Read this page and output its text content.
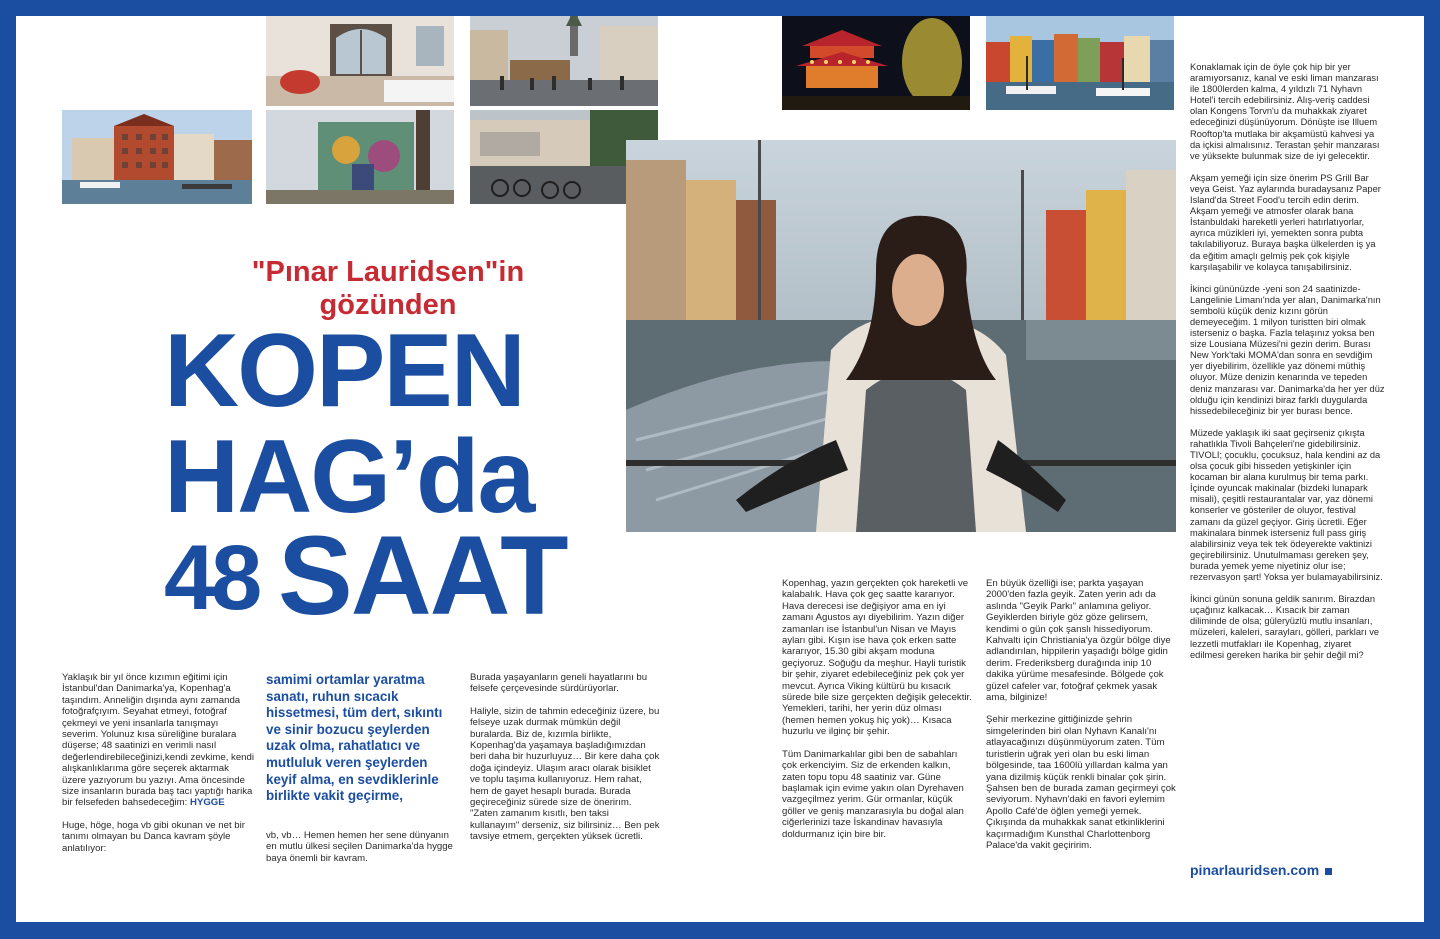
"Pınar Lauridsen"in
gözünden
KOPEN
HAG’da
48 SAAT

Yaklaşık bir yıl önce kızımın eğitimi için İstanbul'dan Danimarka'ya, Kopenhag'a taşındım. Anneliğin dışında aynı zamanda fotoğrafçıyım. Seyahat etmeyi, fotoğraf çekmeyi ve yeni insanlarla tanışmayı severim. Yolunuz kısa süreliğine buralara düşerse; 48 saatinizi en verimli nasıl değerlendirebileceğinizi,kendi zevkime, kendi alışkanlıklarıma göre seçerek aktarmak üzere yazıyorum bu yazıyı. Ama öncesinde size insanların burada baş tacı yaptığı harika bir felsefeden bahsedeceğim: HYGGE

Huge, höge, hoga vb gibi okunan ve net bir tanımı olmayan bu Danca kavram şöyle anlatılıyor:

samimi ortamlar yaratma sanatı, ruhun sıcacık hissetmesi, tüm dert, sıkıntı ve sinir bozucu şeylerden uzak olma, rahatlatıcı ve mutluluk veren şeylerden keyif alma, en sevdiklerinle birlikte vakit geçirme,
vb, vb… Hemen hemen her sene dünyanın en mutlu ülkesi seçilen Danimarka'da hygge baya önemli bir kavram.

Burada yaşayanların geneli hayatlarını bu felsefe çerçevesinde sürdürüyorlar.

Haliyle, sizin de tahmin edeceğiniz üzere, bu felseye uzak durmak mümkün değil buralarda. Biz de, kızımla birlikte, Kopenhag'da yaşamaya başladığımızdan beri daha bir huzurluyuz… Bir kere daha çok doğa içindeyiz. Ulaşım aracı olarak bisiklet ve toplu taşıma kullanıyoruz. Hem rahat, hem de gayet hesaplı burada. Burada geçireceğiniz sürede size de önerirım. "Zaten zamanım kısıtlı, ben taksi kullanayım" derseniz, siz bilirsiniz… Ben pek tavsiye etmem, gerçekten yüksek ücretli.

Kopenhag, yazın gerçekten çok hareketli ve kalabalık. Hava çok geç saatte kararıyor. Hava derecesi ise değişiyor ama en iyi zamanı Agustos ayı diyebilirim. Yazın diğer zamanları ise İstanbul'un Nisan ve Mayıs ayları gibi. Kışın ise hava çok erken satte kararıyor, 15.30 gibi akşam moduna geçiyoruz. Soğuğu da meşhur. Hayli turistik bir şehir, ziyaret edebileceğiniz pek çok yer mevcut. Ayrıca Viking kültürü bu kısacık sürede bile size gerçekten değişik gelecektir. Yemekleri, tarihi, her yerin düz olması (hemen hemen yokuş hiç yok)… Kısaca huzurlu ve ilginç bir şehir.

Tüm Danimarkalılar gibi ben de sabahları çok erkenciyim. Siz de erkenden kalkın, zaten topu topu 48 saatiniz var. Güne başlamak için evime yakın olan Dyrehaven vazgeçilmez yerim. Gür ormanlar, küçük göller ve geniş manzarasıyla bu doğal alan ciğerlerinizi taze İskandinav havasıyla doldurmanız için bire bir.

En büyük özelliği ise; parkta yaşayan 2000'den fazla geyik. Zaten yerin adı da aslında "Geyik Parkı" anlamına geliyor. Geyiklerden biriyle göz göze gelirsem, kendimi o gün çok şanslı hissediyorum. Kahvaltı için Christiania'ya özgür bölge diye adlandırılan, hippilerin yaşadığı bölge gidin derim. Frederiksberg durağında inip 10 dakika yürüme mesafesinde. Bölgede çok güzel cafeler var, fotoğraf çekmek yasak ama, bilginize!

Şehir merkezine gittiğinizde şehrin simgelerinden biri olan Nyhavn Kanalı'nı atlayacağınızı düşünmüyorum zaten. Tüm turistlerin uğrak yeri olan bu eski liman bölgesinde, taa 1600lü yıllardan kalma yan yana dizilmiş küçük renkli binalar çok şirin. Şahsen ben de burada zaman geçirmeyi çok seviyorum. Nyhavn'daki en favori eylemim Apollo Café'de öğlen yemeği yemek. Çıkışında da muhakkak sanat etkinliklerini kaçırmadığım Kunsthal Charlottenborg Palace'da vakit geçiririm.

Konaklamak için de öyle çok hip bir yer aramıyorsanız, kanal ve eski liman manzarası ile 1800lerden kalma, 4 yıldızlı 71 Nyhavn Hotel'i tercih edebilirsiniz. Alış-veriş caddesi olan Kongens Torvn'u da muhakkak ziyaret edeceğinizi düşünüyorum. Dönüşte ise Illuem Rooftop'ta mutlaka bir akşamüstü kahvesi ya da içkisi almalısınız. Terastan şehir manzarası ve yüksekte bulunmak size de iyi gelecektir.

Akşam yemeği için size önerim PS Grill Bar veya Geist. Yaz aylarında buradaysanız Paper Island'da Street Food'u tercih edin derim. Akşam yemeği ve atmosfer olarak bana İstanbuldaki hareketli yerleri hatırlatıyorlar, ayrıca müzikleri iyi, yemekten sonra pubta takılabiliyoruz. Buraya başka ülkelerden iş ya da eğitim amaçlı gelmiş pek çok kişiyle karşılaşabilir ve kolayca tanışabilirsiniz.

İkinci gününüzde -yeni son 24 saatinizde- Langelinie Limanı'nda yer alan, Danimarka'nın sembolü küçük deniz kızını görün demeyeceğim. 1 milyon turistten biri olmak isterseniz o başka. Fazla telaşınız yoksa ben size Lousiana Müzesi'ni gezin derim. Burası New York'taki MOMA'dan sonra en sevdiğim yer diyebilirim, özellikle yaz dönemi müthiş oluyor. Müze denizin kenarında ve tepeden deniz manzarası var. Danimarka'da her yer düz olduğu için kendinizi biraz farklı duygularda hissedebileceğiniz bir yer burası bence.

Müzede yaklaşık iki saat geçirseniz çıkışta rahatlıkla Tivoli Bahçeleri'ne gidebilirsiniz. TIVOLI; çocuklu, çocuksuz, hala kendini az da olsa çocuk gibi hisseden yetişkinler için kocaman bir alana kurulmuş bir tema parkı. İçinde oyuncak makinalar (bizdeki lunapark misali), çeşitli restaurantalar var, yaz dönemi konserler ve gösteriler de oluyor, festival zamanı da güzel geçiyor. Giriş ücretli. Eğer makinalara binmek isterseniz full pass giriş alabilirsiniz veya tek tek ödeyerekte vaktinizi geçirebilirsiniz. Unutulmaması gereken şey, burada yemek yeme niyetiniz olur ise; rezervasyon şart! Yoksa yer bulamayabilirsiniz.

İkinci günün sonuna geldik sanırım. Birazdan uçağınız kalkacak… Kısacık bir zaman diliminde de olsa; güleryüzlü mutlu insanları, müzeleri, kaleleri, sarayları, gölleri, parkları ve lezzetli mutfakları ile Kopenhag, ziyaret edilmesi gereken harika bir şehir değil mi?

pinarlauridsen.com
